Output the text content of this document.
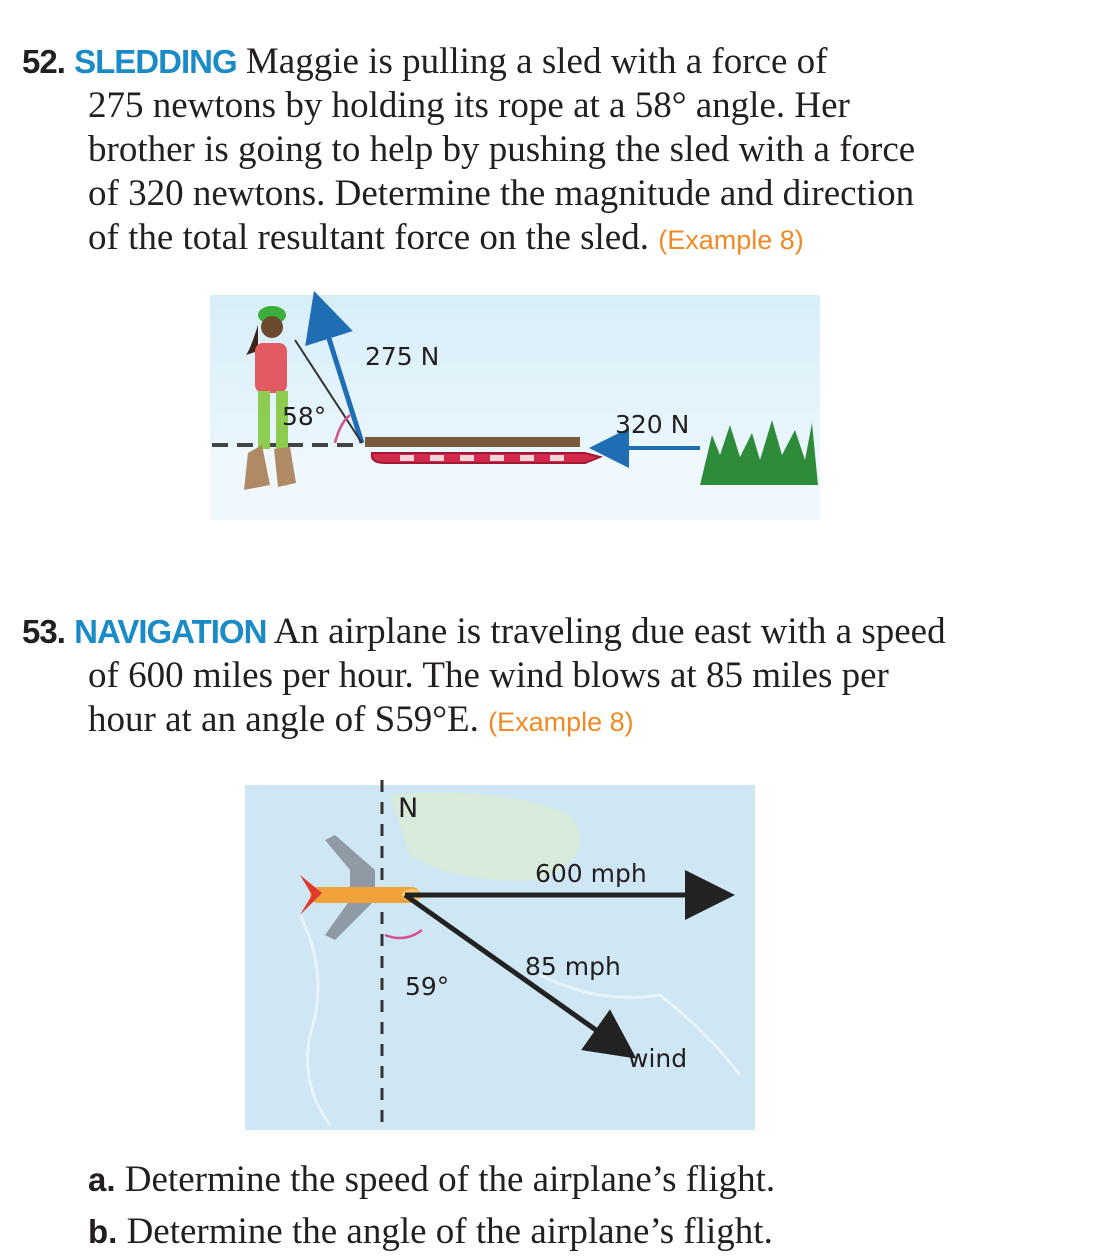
52. SLEDDING Maggie is pulling a sled with a force of
275 newtons by holding its rope at a 58° angle. Her
brother is going to help by pushing the sled with a force
of 320 newtons. Determine the magnitude and direction
of the total resultant force on the sled. (Example 8)
275 N
58°	320 N
53. NAVIGATION An airplane is traveling due east with a speed
of 600 miles per hour. The wind blows at 85 miles per
hour at an angle of S59°E. (Example 8)
N
600 mph
85 mph
59°
wind
a. Determine the speed of the airplane’s flight.
b. Determine the angle of the airplane’s flight.
